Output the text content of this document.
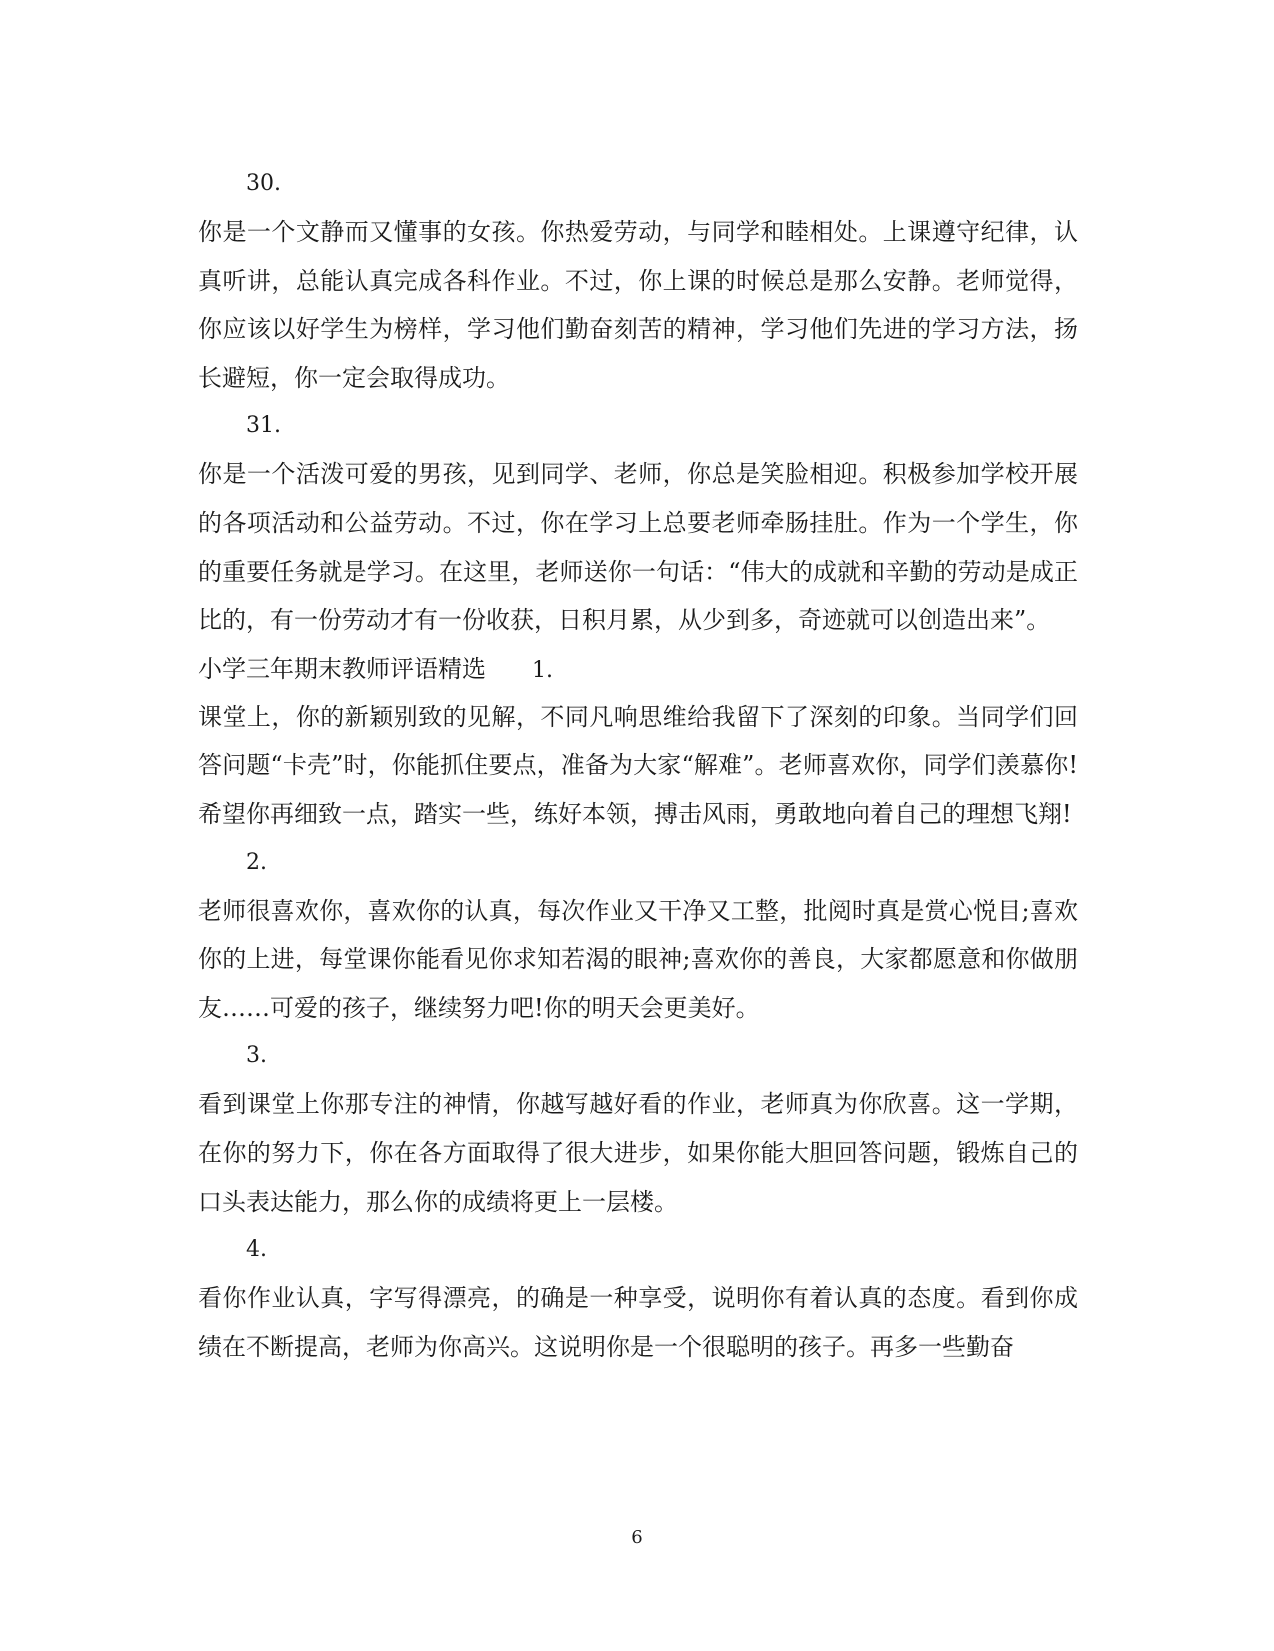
30.
你是一个文静而又懂事的女孩。你热爱劳动，与同学和睦相处。上课遵守纪律，认真听讲，总能认真完成各科作业。不过，你上课的时候总是那么安静。老师觉得，你应该以好学生为榜样，学习他们勤奋刻苦的精神，学习他们先进的学习方法，扬长避短，你一定会取得成功。
31.
你是一个活泼可爱的男孩，见到同学、老师，你总是笑脸相迎。积极参加学校开展的各项活动和公益劳动。不过，你在学习上总要老师牵肠挂肚。作为一个学生，你的重要任务就是学习。在这里，老师送你一句话：“伟大的成就和辛勤的劳动是成正比的，有一份劳动才有一份收获，日积月累，从少到多，奇迹就可以创造出来”。
小学三年期末教师评语精选 1.
课堂上，你的新颖别致的见解，不同凡响思维给我留下了深刻的印象。当同学们回答问题“卡壳”时，你能抓住要点，准备为大家“解难”。老师喜欢你，同学们羡慕你!希望你再细致一点，踏实一些，练好本领，搏击风雨，勇敢地向着自己的理想飞翔!
2.
老师很喜欢你，喜欢你的认真，每次作业又干净又工整，批阅时真是赏心悦目;喜欢你的上进，每堂课你能看见你求知若渴的眼神;喜欢你的善良，大家都愿意和你做朋友……可爱的孩子，继续努力吧!你的明天会更美好。
3.
看到课堂上你那专注的神情，你越写越好看的作业，老师真为你欣喜。这一学期，在你的努力下，你在各方面取得了很大进步，如果你能大胆回答问题，锻炼自己的口头表达能力，那么你的成绩将更上一层楼。
4.
看你作业认真，字写得漂亮，的确是一种享受，说明你有着认真的态度。看到你成绩在不断提高，老师为你高兴。这说明你是一个很聪明的孩子。再多一些勤奋
6
